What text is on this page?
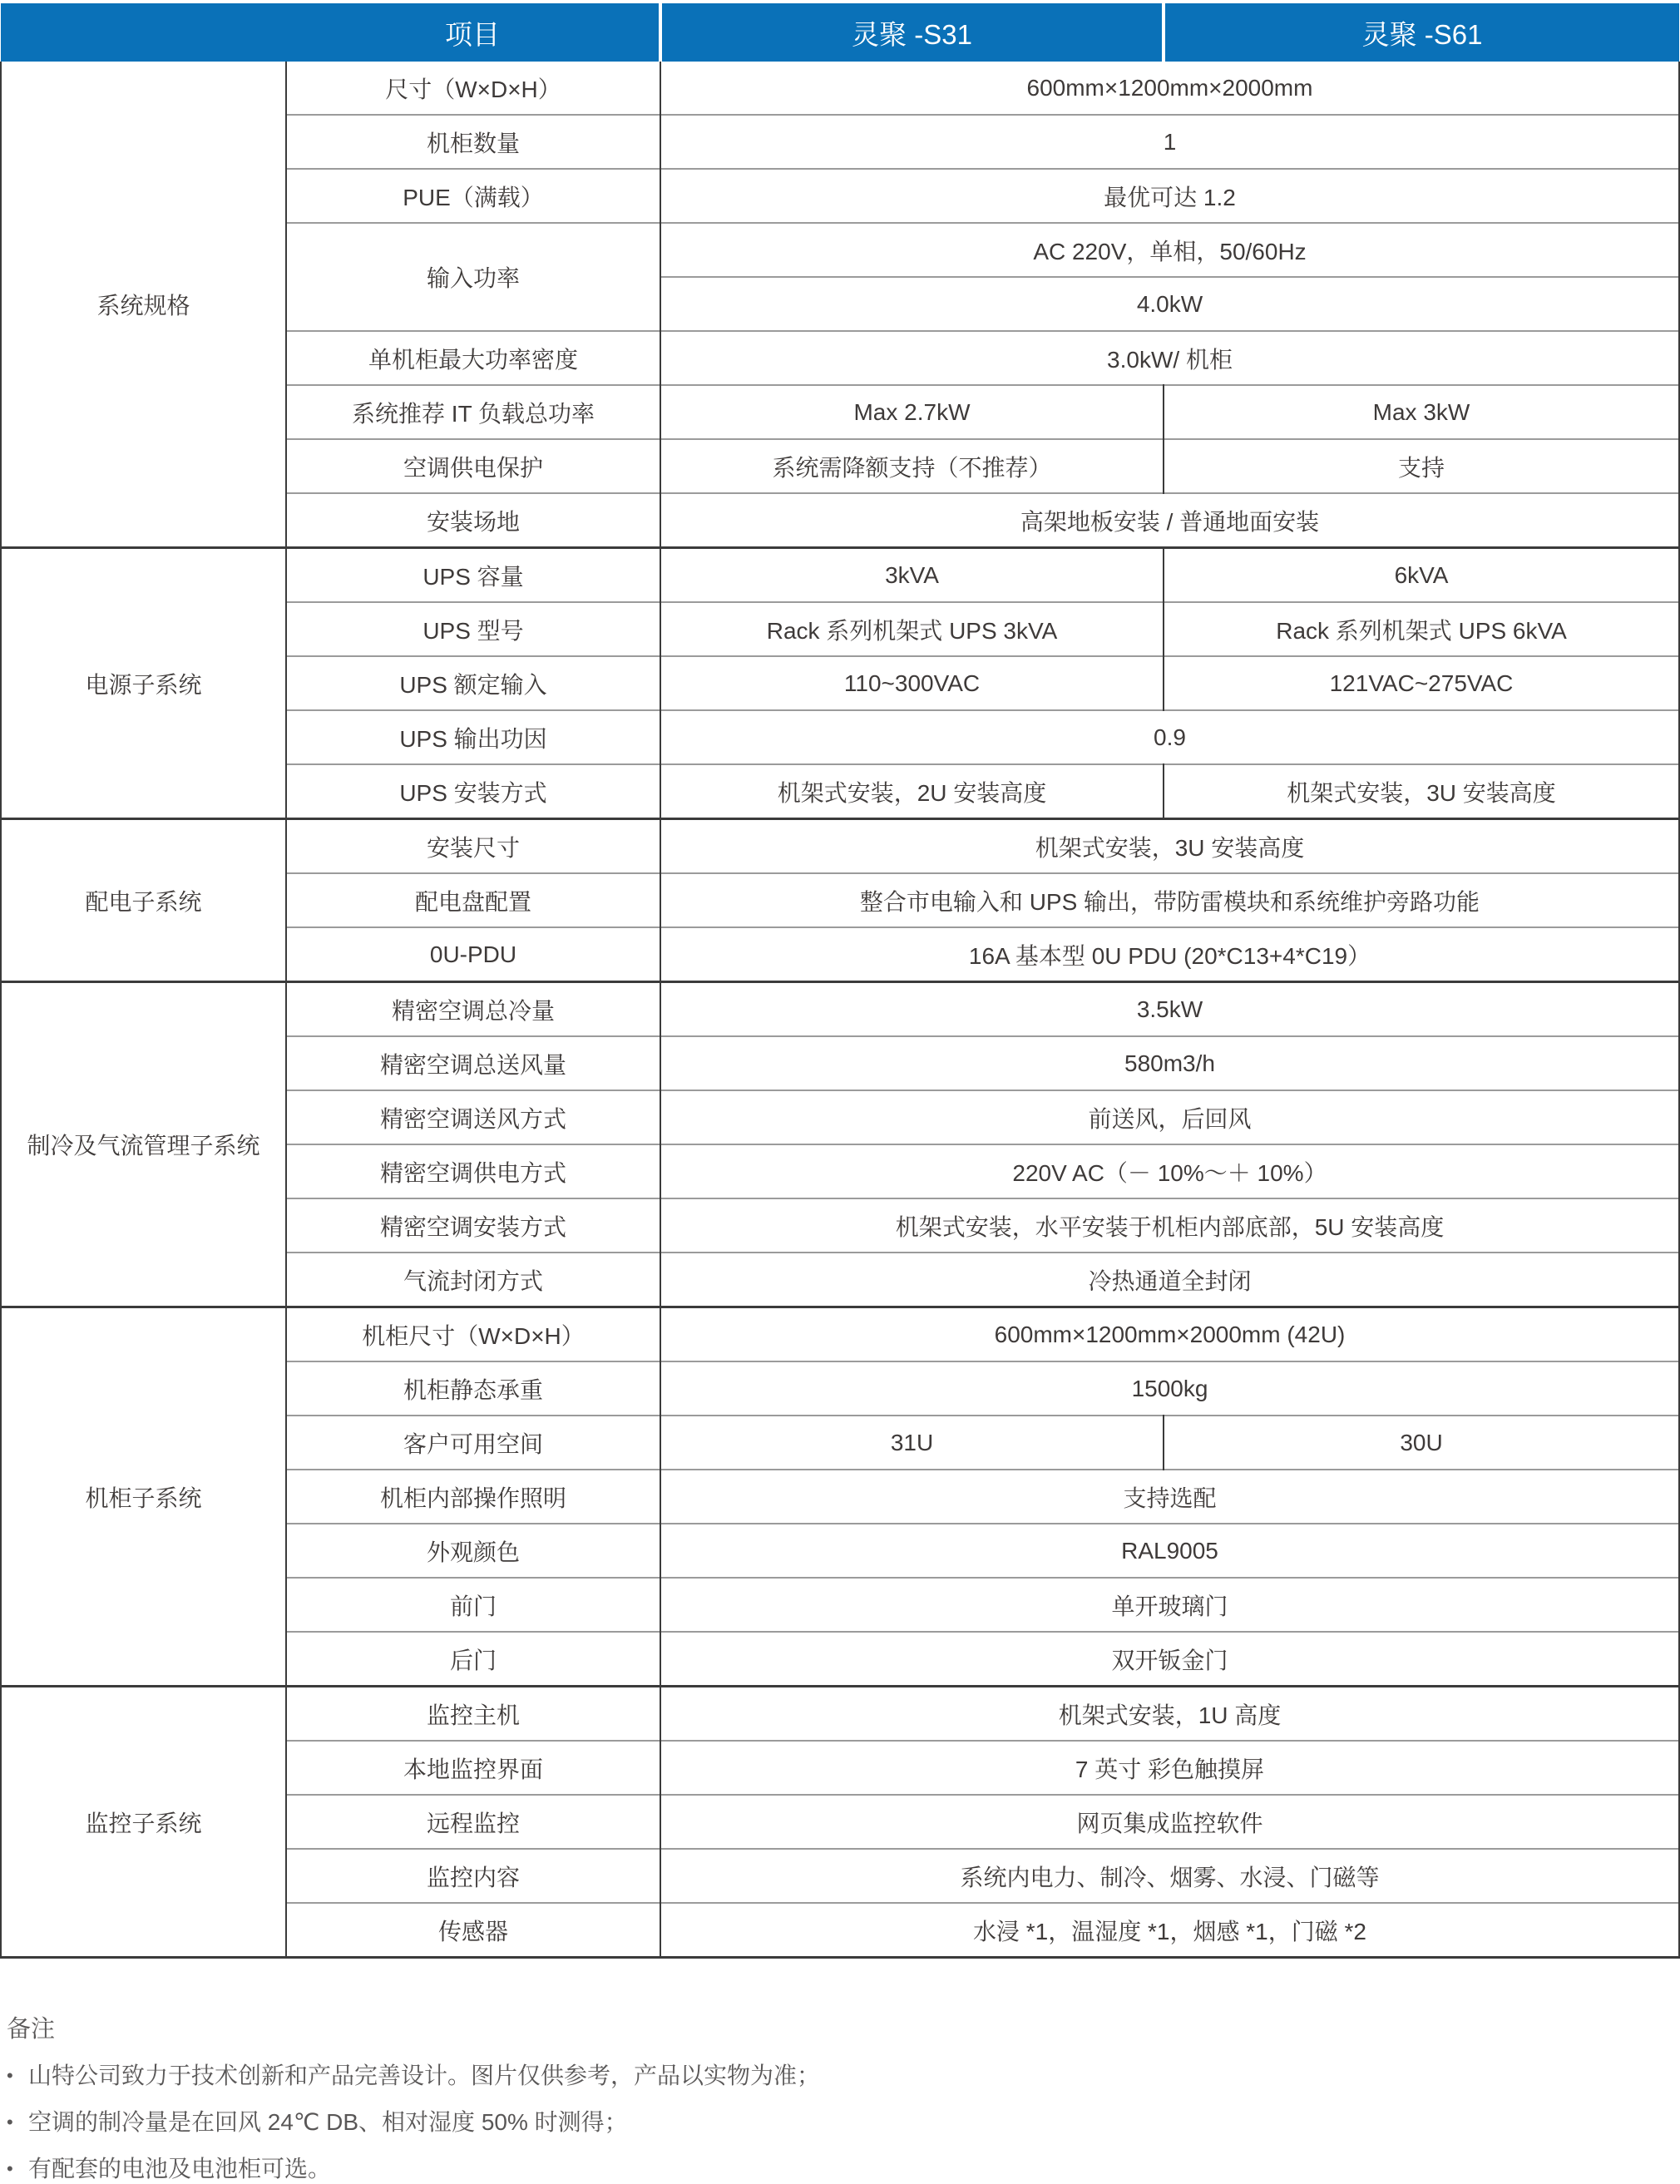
项目		灵聚 -S31	灵聚 -S61
系统规格	尺寸（W×D×H）	600mm×1200mm×2000mm	
	机柜数量	1	
	PUE（满载）	最优可达 1.2	
	输入功率	AC 220V，单相，50/60Hz	
		4.0kW	
	单机柜最大功率密度	3.0kW/ 机柜	
	系统推荐 IT 负载总功率	Max 2.7kW	Max 3kW
	空调供电保护	系统需降额支持（不推荐）	支持
	安装场地	高架地板安装 / 普通地面安装	
电源子系统	UPS 容量	3kVA	6kVA
	UPS 型号	Rack 系列机架式 UPS 3kVA	Rack 系列机架式 UPS 6kVA
	UPS 额定输入	110~300VAC	121VAC~275VAC
	UPS 输出功因	0.9	
	UPS 安装方式	机架式安装，2U 安装高度	机架式安装，3U 安装高度
配电子系统	安装尺寸	机架式安装，3U 安装高度	
	配电盘配置	整合市电输入和 UPS 输出，带防雷模块和系统维护旁路功能	
	0U-PDU	16A 基本型 0U PDU (20*C13+4*C19）	
制冷及气流管理子系统	精密空调总冷量	3.5kW	
	精密空调总送风量	580m3/h	
	精密空调送风方式	前送风，后回风	
	精密空调供电方式	220V AC（－ 10%～＋ 10%）	
	精密空调安装方式	机架式安装，水平安装于机柜内部底部，5U 安装高度	
	气流封闭方式	冷热通道全封闭	
机柜子系统	机柜尺寸（W×D×H）	600mm×1200mm×2000mm (42U)	
	机柜静态承重	1500kg	
	客户可用空间	31U	30U
	机柜内部操作照明	支持选配	
	外观颜色	RAL9005	
	前门	单开玻璃门	
	后门	双开钣金门	
监控子系统	监控主机	机架式安装，1U 高度	
	本地监控界面	7 英寸 彩色触摸屏	
	远程监控	网页集成监控软件	
	监控内容	系统内电力、制冷、烟雾、水浸、门磁等	
	传感器	水浸 *1，温湿度 *1，烟感 *1，门磁 *2	
备注
• 山特公司致力于技术创新和产品完善设计。图片仅供参考，产品以实物为准；
• 空调的制冷量是在回风 24℃ DB、相对湿度 50% 时测得；
• 有配套的电池及电池柜可选。
